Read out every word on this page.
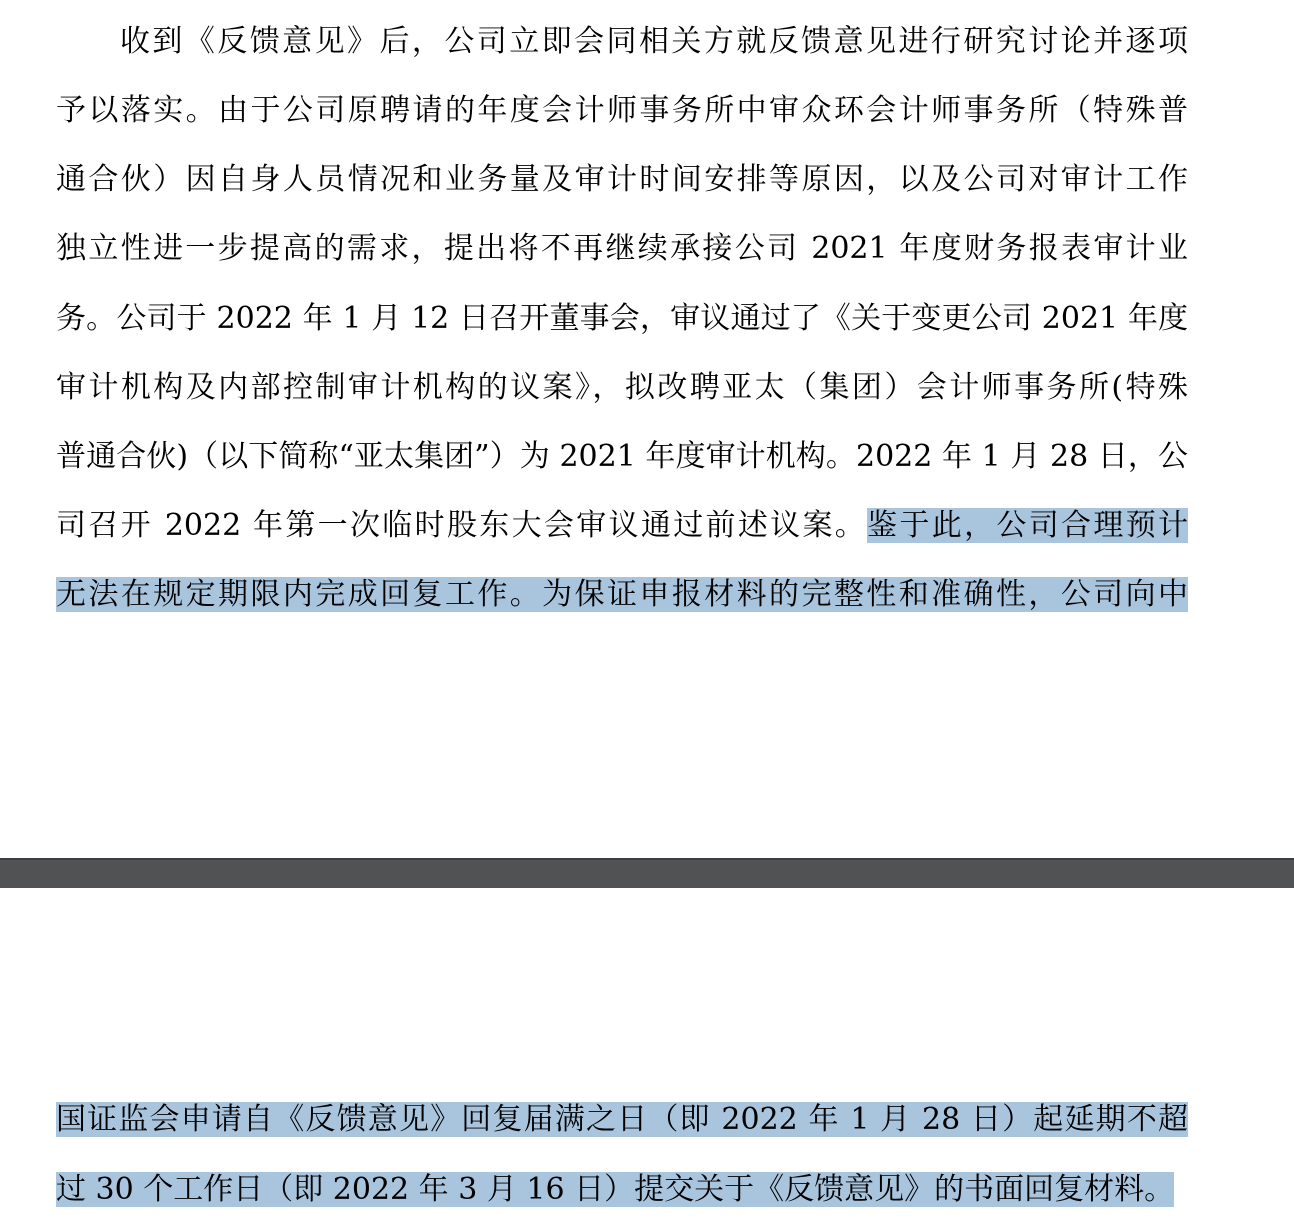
收到《反馈意见》后，公司立即会同相关方就反馈意见进行研究讨论并逐项
予以落实。由于公司原聘请的年度会计师事务所中审众环会计师事务所（特殊普
通合伙）因自身人员情况和业务量及审计时间安排等原因，以及公司对审计工作
独立性进一步提高的需求，提出将不再继续承接公司 2021 年度财务报表审计业
务。公司于 2022 年 1 月 12 日召开董事会，审议通过了《关于变更公司 2021 年度
审计机构及内部控制审计机构的议案》，拟改聘亚太（集团）会计师事务所(特殊
普通合伙)（以下简称“亚太集团”）为 2021 年度审计机构。2022 年 1 月 28 日，公
司召开 2022 年第一次临时股东大会审议通过前述议案。鉴于此，公司合理预计
无法在规定期限内完成回复工作。为保证申报材料的完整性和准确性，公司向中
国证监会申请自《反馈意见》回复届满之日（即 2022 年 1 月 28 日）起延期不超
过 30 个工作日（即 2022 年 3 月 16 日）提交关于《反馈意见》的书面回复材料。
